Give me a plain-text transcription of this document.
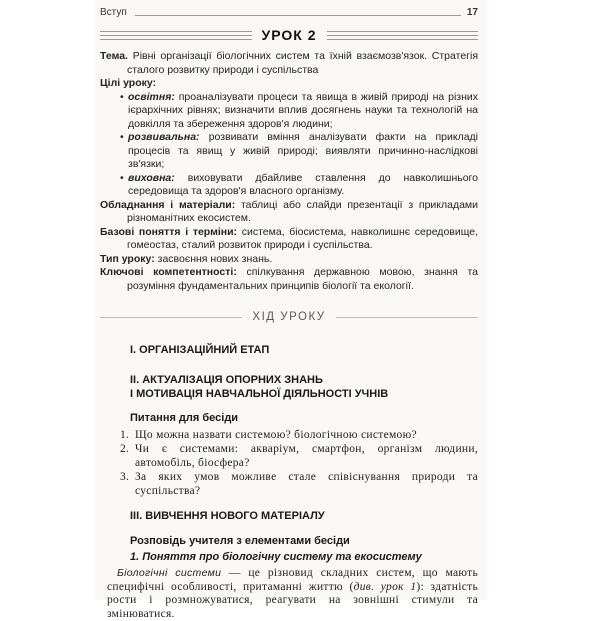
Вступ	17
УРОК 2
Тема. Рівні організації біологічних систем та їхній взаємозв'язок. Стратегія сталого розвитку природи і суспільства
Цілі уроку:
• освітня: проаналізувати процеси та явища в живій природі на різних ієрархічних рівнях; визначити вплив досягнень науки та технологій на довкілля та збереження здоров'я людини;
• розвивальна: розвивати вміння аналізувати факти на прикладі процесів та явищ у живій природі; виявляти причинно-наслідкові зв'язки;
• виховна: виховувати дбайливе ставлення до навколишнього середовища та здоров'я власного організму.
Обладнання і матеріали: таблиці або слайди презентації з прикладами різноманітних екосистем.
Базові поняття і терміни: система, біосистема, навколишнє середовище, гомеостаз, сталий розвиток природи і суспільства.
Тип уроку: засвоєння нових знань.
Ключові компетентності: спілкування державною мовою, знання та розуміння фундаментальних принципів біології та екології.
ХІД УРОКУ
І. ОРГАНІЗАЦІЙНИЙ ЕТАП
ІІ. АКТУАЛІЗАЦІЯ ОПОРНИХ ЗНАНЬ
І МОТИВАЦІЯ НАВЧАЛЬНОЇ ДІЯЛЬНОСТІ УЧНІВ
Питання для бесіди
1. Що можна назвати системою? біологічною системою?
2. Чи є системами: акваріум, смартфон, організм людини, автомобіль, біосфера?
3. За яких умов можливе стале співіснування природи та суспільства?
ІІІ. ВИВЧЕННЯ НОВОГО МАТЕРІАЛУ
Розповідь учителя з елементами бесіди
1. Поняття про біологічну систему та екосистему
Біологічні системи — це різновид складних систем, що мають специфічні особливості, притаманні життю (див. урок 1): здатність рости і розмножуватися, реагувати на зовнішні стимули та змінюватися.
